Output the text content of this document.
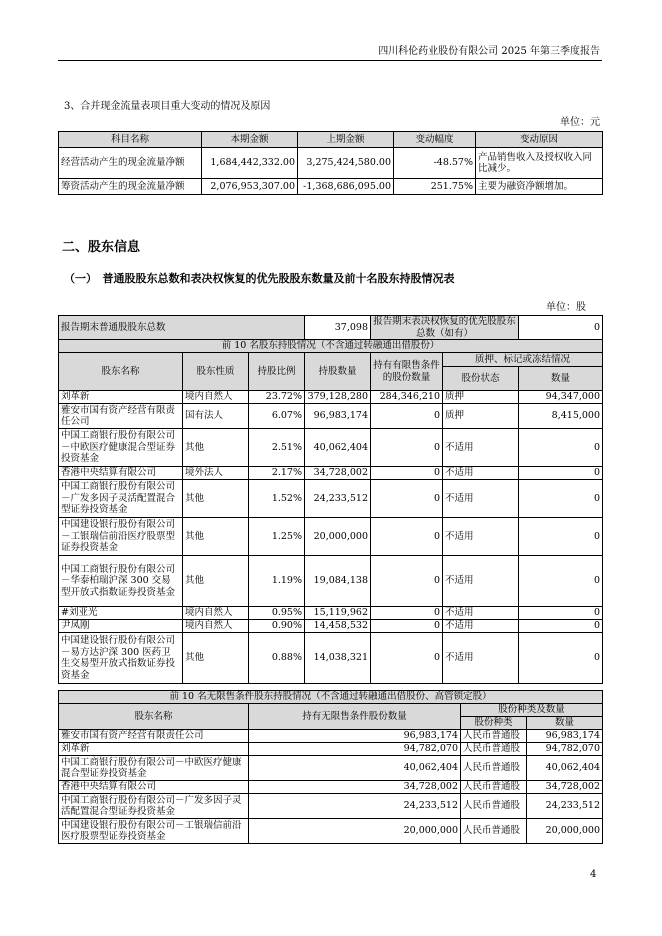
四川科伦药业股份有限公司 2025 年第三季度报告
3、合并现金流量表项目重大变动的情况及原因
单位：元
科目名称	本期金额	上期金额	变动幅度	变动原因
经营活动产生的现金流量净额	1,684,442,332.00	3,275,424,580.00	-48.57%	产品销售收入及授权收入同比减少。
筹资活动产生的现金流量净额	2,076,953,307.00	-1,368,686,095.00	251.75%	主要为融资净额增加。
二、股东信息
（一）　普通股股东总数和表决权恢复的优先股股东数量及前十名股东持股情况表
单位：股
报告期末普通股股东总数			37,098	报告期末表决权恢复的优先股股东总数（如有）		0
前 10 名股东持股情况（不含通过转融通出借股份）						
股东名称	股东性质	持股比例	持股数量	持有有限售条件的股份数量	质押、标记或冻结情况	
					股份状态	数量
刘革新	境内自然人	23.72%	379,128,280	284,346,210	质押	94,347,000
雅安市国有资产经营有限责任公司	国有法人	6.07%	96,983,174	0	质押	8,415,000
中国工商银行股份有限公司－中欧医疗健康混合型证券投资基金	其他	2.51%	40,062,404	0	不适用	0
香港中央结算有限公司	境外法人	2.17%	34,728,002	0	不适用	0
中国工商银行股份有限公司－广发多因子灵活配置混合型证券投资基金	其他	1.52%	24,233,512	0	不适用	0
中国建设银行股份有限公司－工银瑞信前沿医疗股票型证券投资基金	其他	1.25%	20,000,000	0	不适用	0
中国工商银行股份有限公司－华泰柏瑞沪深 300 交易型开放式指数证券投资基金	其他	1.19%	19,084,138	0	不适用	0
#刘亚光	境内自然人	0.95%	15,119,962	0	不适用	0
尹凤刚	境内自然人	0.90%	14,458,532	0	不适用	0
中国建设银行股份有限公司－易方达沪深 300 医药卫生交易型开放式指数证券投资基金	其他	0.88%	14,038,321	0	不适用	0
前 10 名无限售条件股东持股情况（不含通过转融通出借股份、高管锁定股）			
股东名称	持有无限售条件股份数量	股份种类及数量	
		股份种类	数量
雅安市国有资产经营有限责任公司	96,983,174	人民币普通股	96,983,174
刘革新	94,782,070	人民币普通股	94,782,070
中国工商银行股份有限公司－中欧医疗健康混合型证券投资基金	40,062,404	人民币普通股	40,062,404
香港中央结算有限公司	34,728,002	人民币普通股	34,728,002
中国工商银行股份有限公司－广发多因子灵活配置混合型证券投资基金	24,233,512	人民币普通股	24,233,512
中国建设银行股份有限公司－工银瑞信前沿医疗股票型证券投资基金	20,000,000	人民币普通股	20,000,000
4
